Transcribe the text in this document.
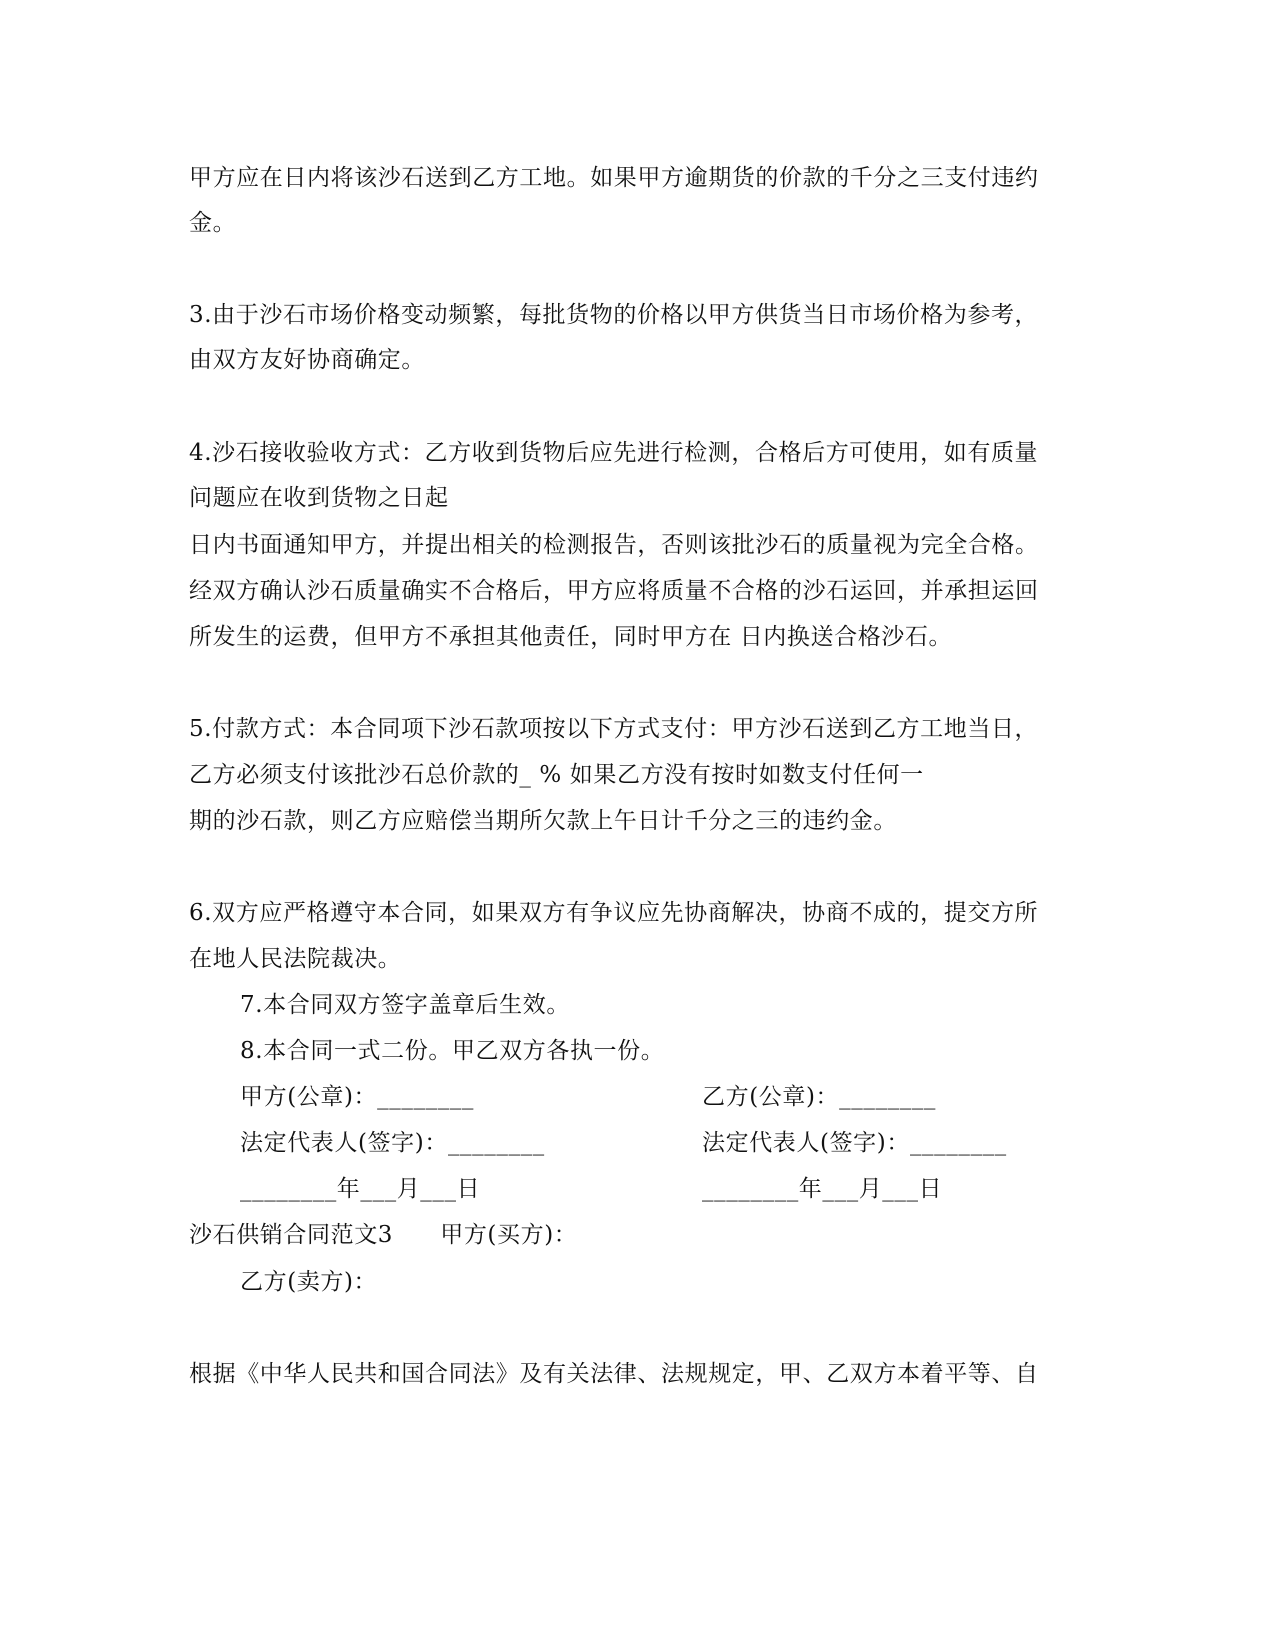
甲方应在日内将该沙石送到乙方工地。如果甲方逾期货的价款的千分之三支付违约
金。
3.由于沙石市场价格变动频繁，每批货物的价格以甲方供货当日市场价格为参考，
由双方友好协商确定。
4.沙石接收验收方式：乙方收到货物后应先进行检测，合格后方可使用，如有质量
问题应在收到货物之日起
日内书面通知甲方，并提出相关的检测报告，否则该批沙石的质量视为完全合格。
经双方确认沙石质量确实不合格后，甲方应将质量不合格的沙石运回，并承担运回
所发生的运费，但甲方不承担其他责任，同时甲方在 日内换送合格沙石。
5.付款方式：本合同项下沙石款项按以下方式支付：甲方沙石送到乙方工地当日，
乙方必须支付该批沙石总价款的_ % 如果乙方没有按时如数支付任何一
期的沙石款，则乙方应赔偿当期所欠款上午日计千分之三的违约金。
6.双方应严格遵守本合同，如果双方有争议应先协商解决，协商不成的，提交方所
在地人民法院裁决。
7.本合同双方签字盖章后生效。
8.本合同一式二份。甲乙双方各执一份。
甲方(公章)：________	乙方(公章)：________
法定代表人(签字)：________	法定代表人(签字)：________
________年___月___日	________年___月___日
沙石供销合同范文3　　甲方(买方)：
乙方(卖方)：
根据《中华人民共和国合同法》及有关法律、法规规定，甲、乙双方本着平等、自
